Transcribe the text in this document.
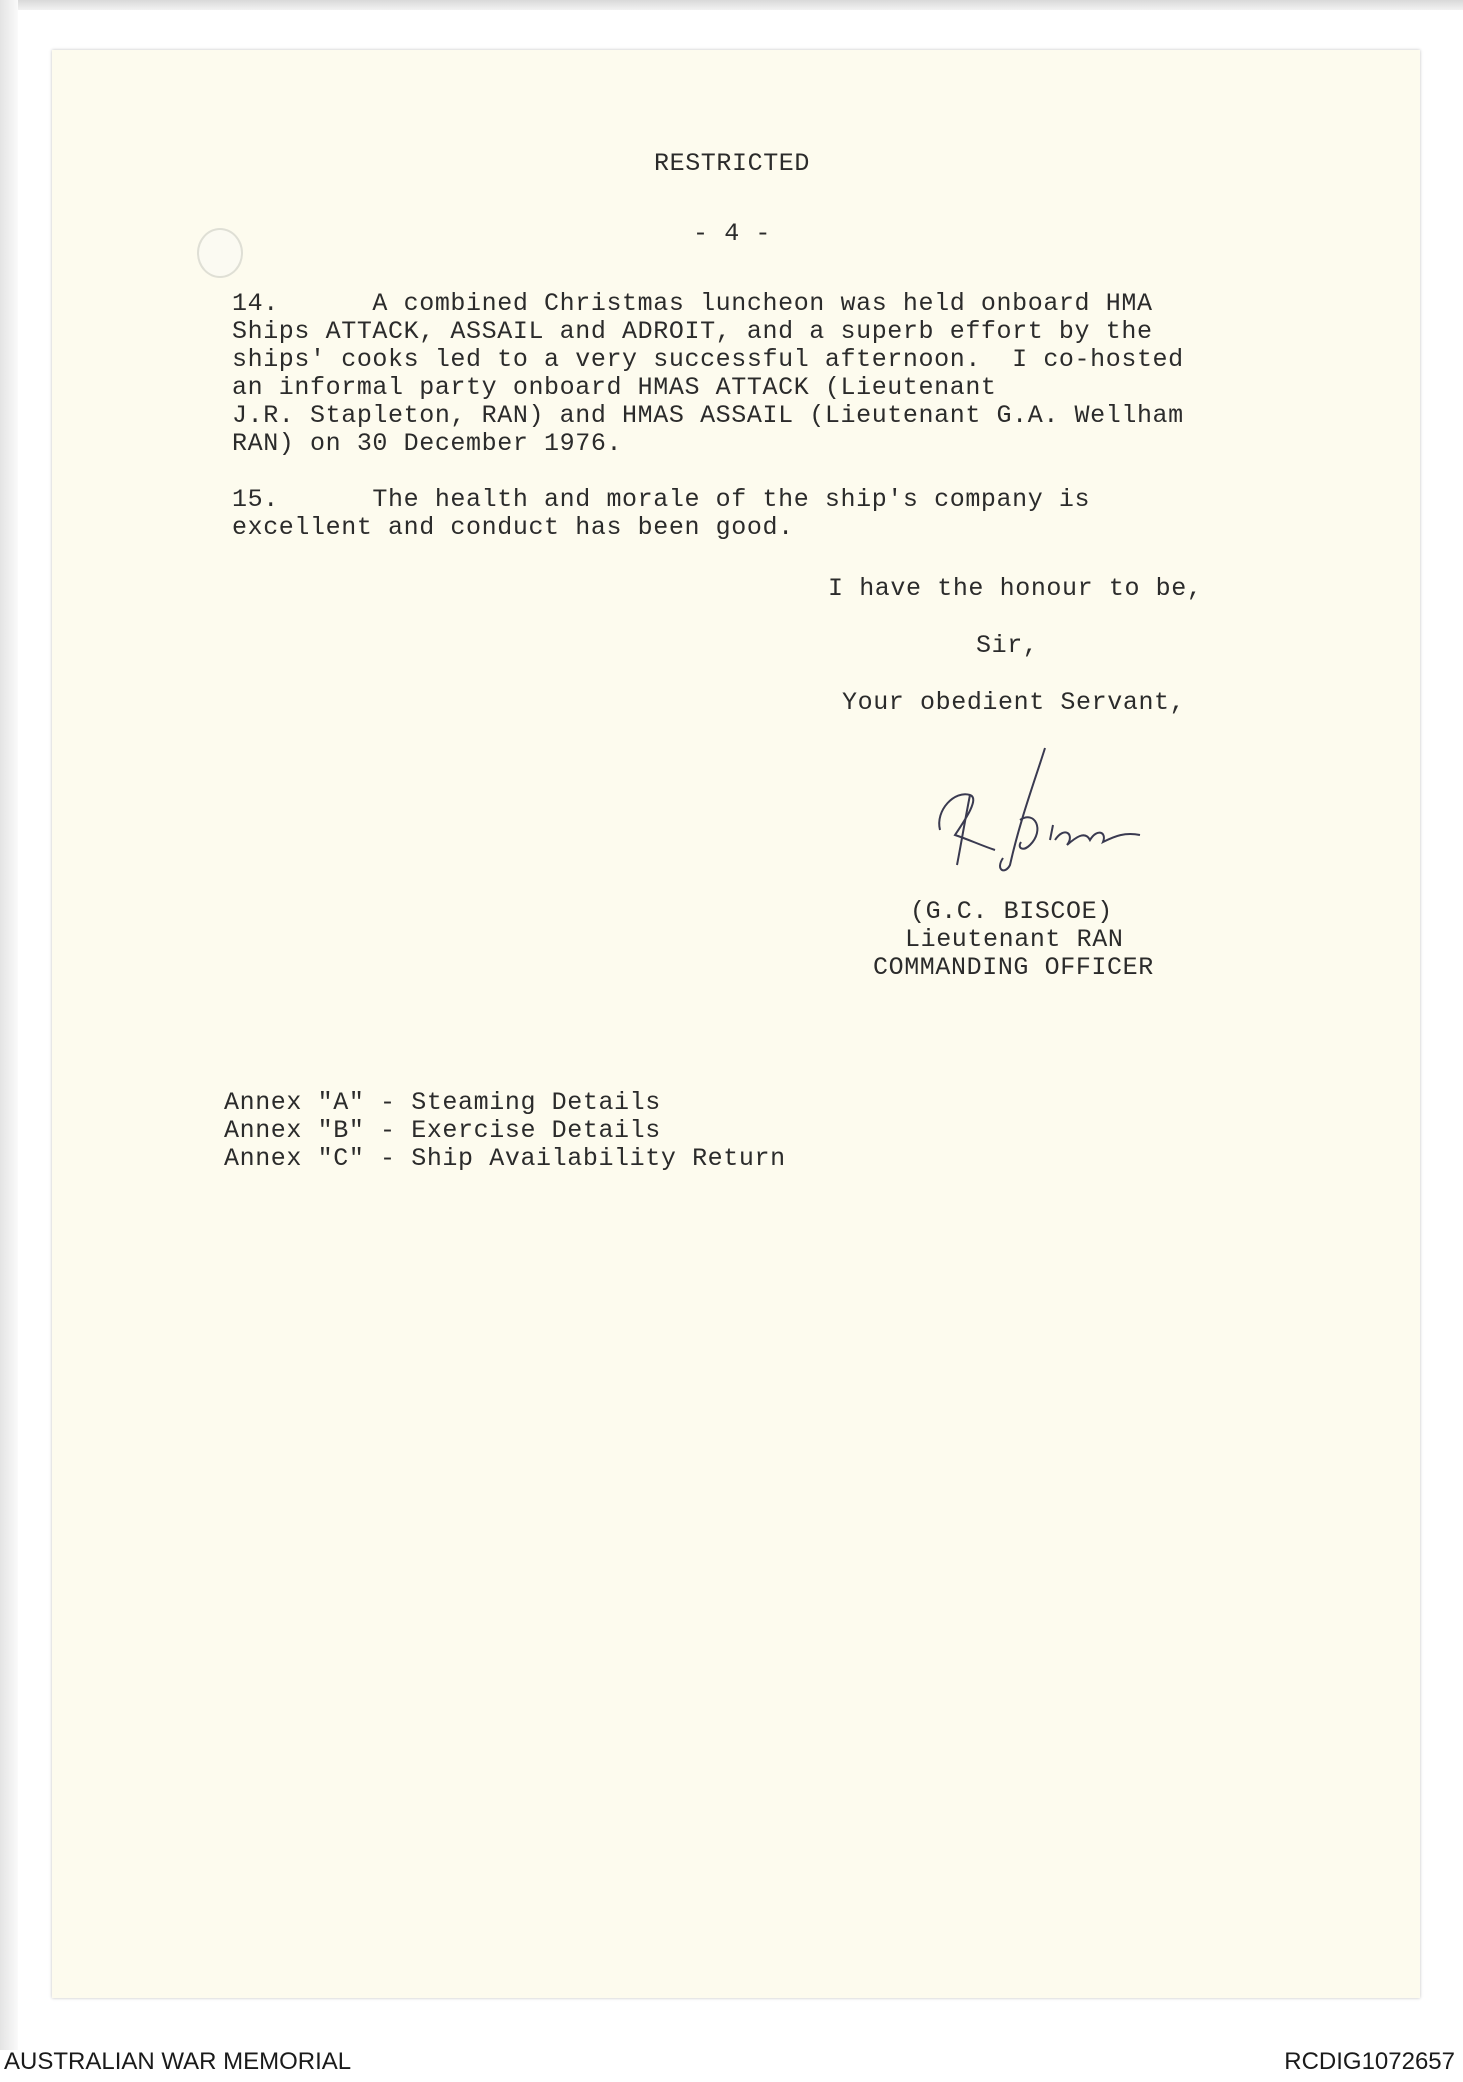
RESTRICTED
- 4 -
14.      A combined Christmas luncheon was held onboard HMA
Ships ATTACK, ASSAIL and ADROIT, and a superb effort by the
ships' cooks led to a very successful afternoon.  I co-hosted
an informal party onboard HMAS ATTACK (Lieutenant
J.R. Stapleton, RAN) and HMAS ASSAIL (Lieutenant G.A. Wellham
RAN) on 30 December 1976.
15.      The health and morale of the ship's company is
excellent and conduct has been good.
I have the honour to be,
Sir,
Your obedient Servant,
(G.C. BISCOE)
Lieutenant RAN
COMMANDING OFFICER
Annex "A" - Steaming Details
Annex "B" - Exercise Details
Annex "C" - Ship Availability Return
AUSTRALIAN WAR MEMORIAL	RCDIG1072657
